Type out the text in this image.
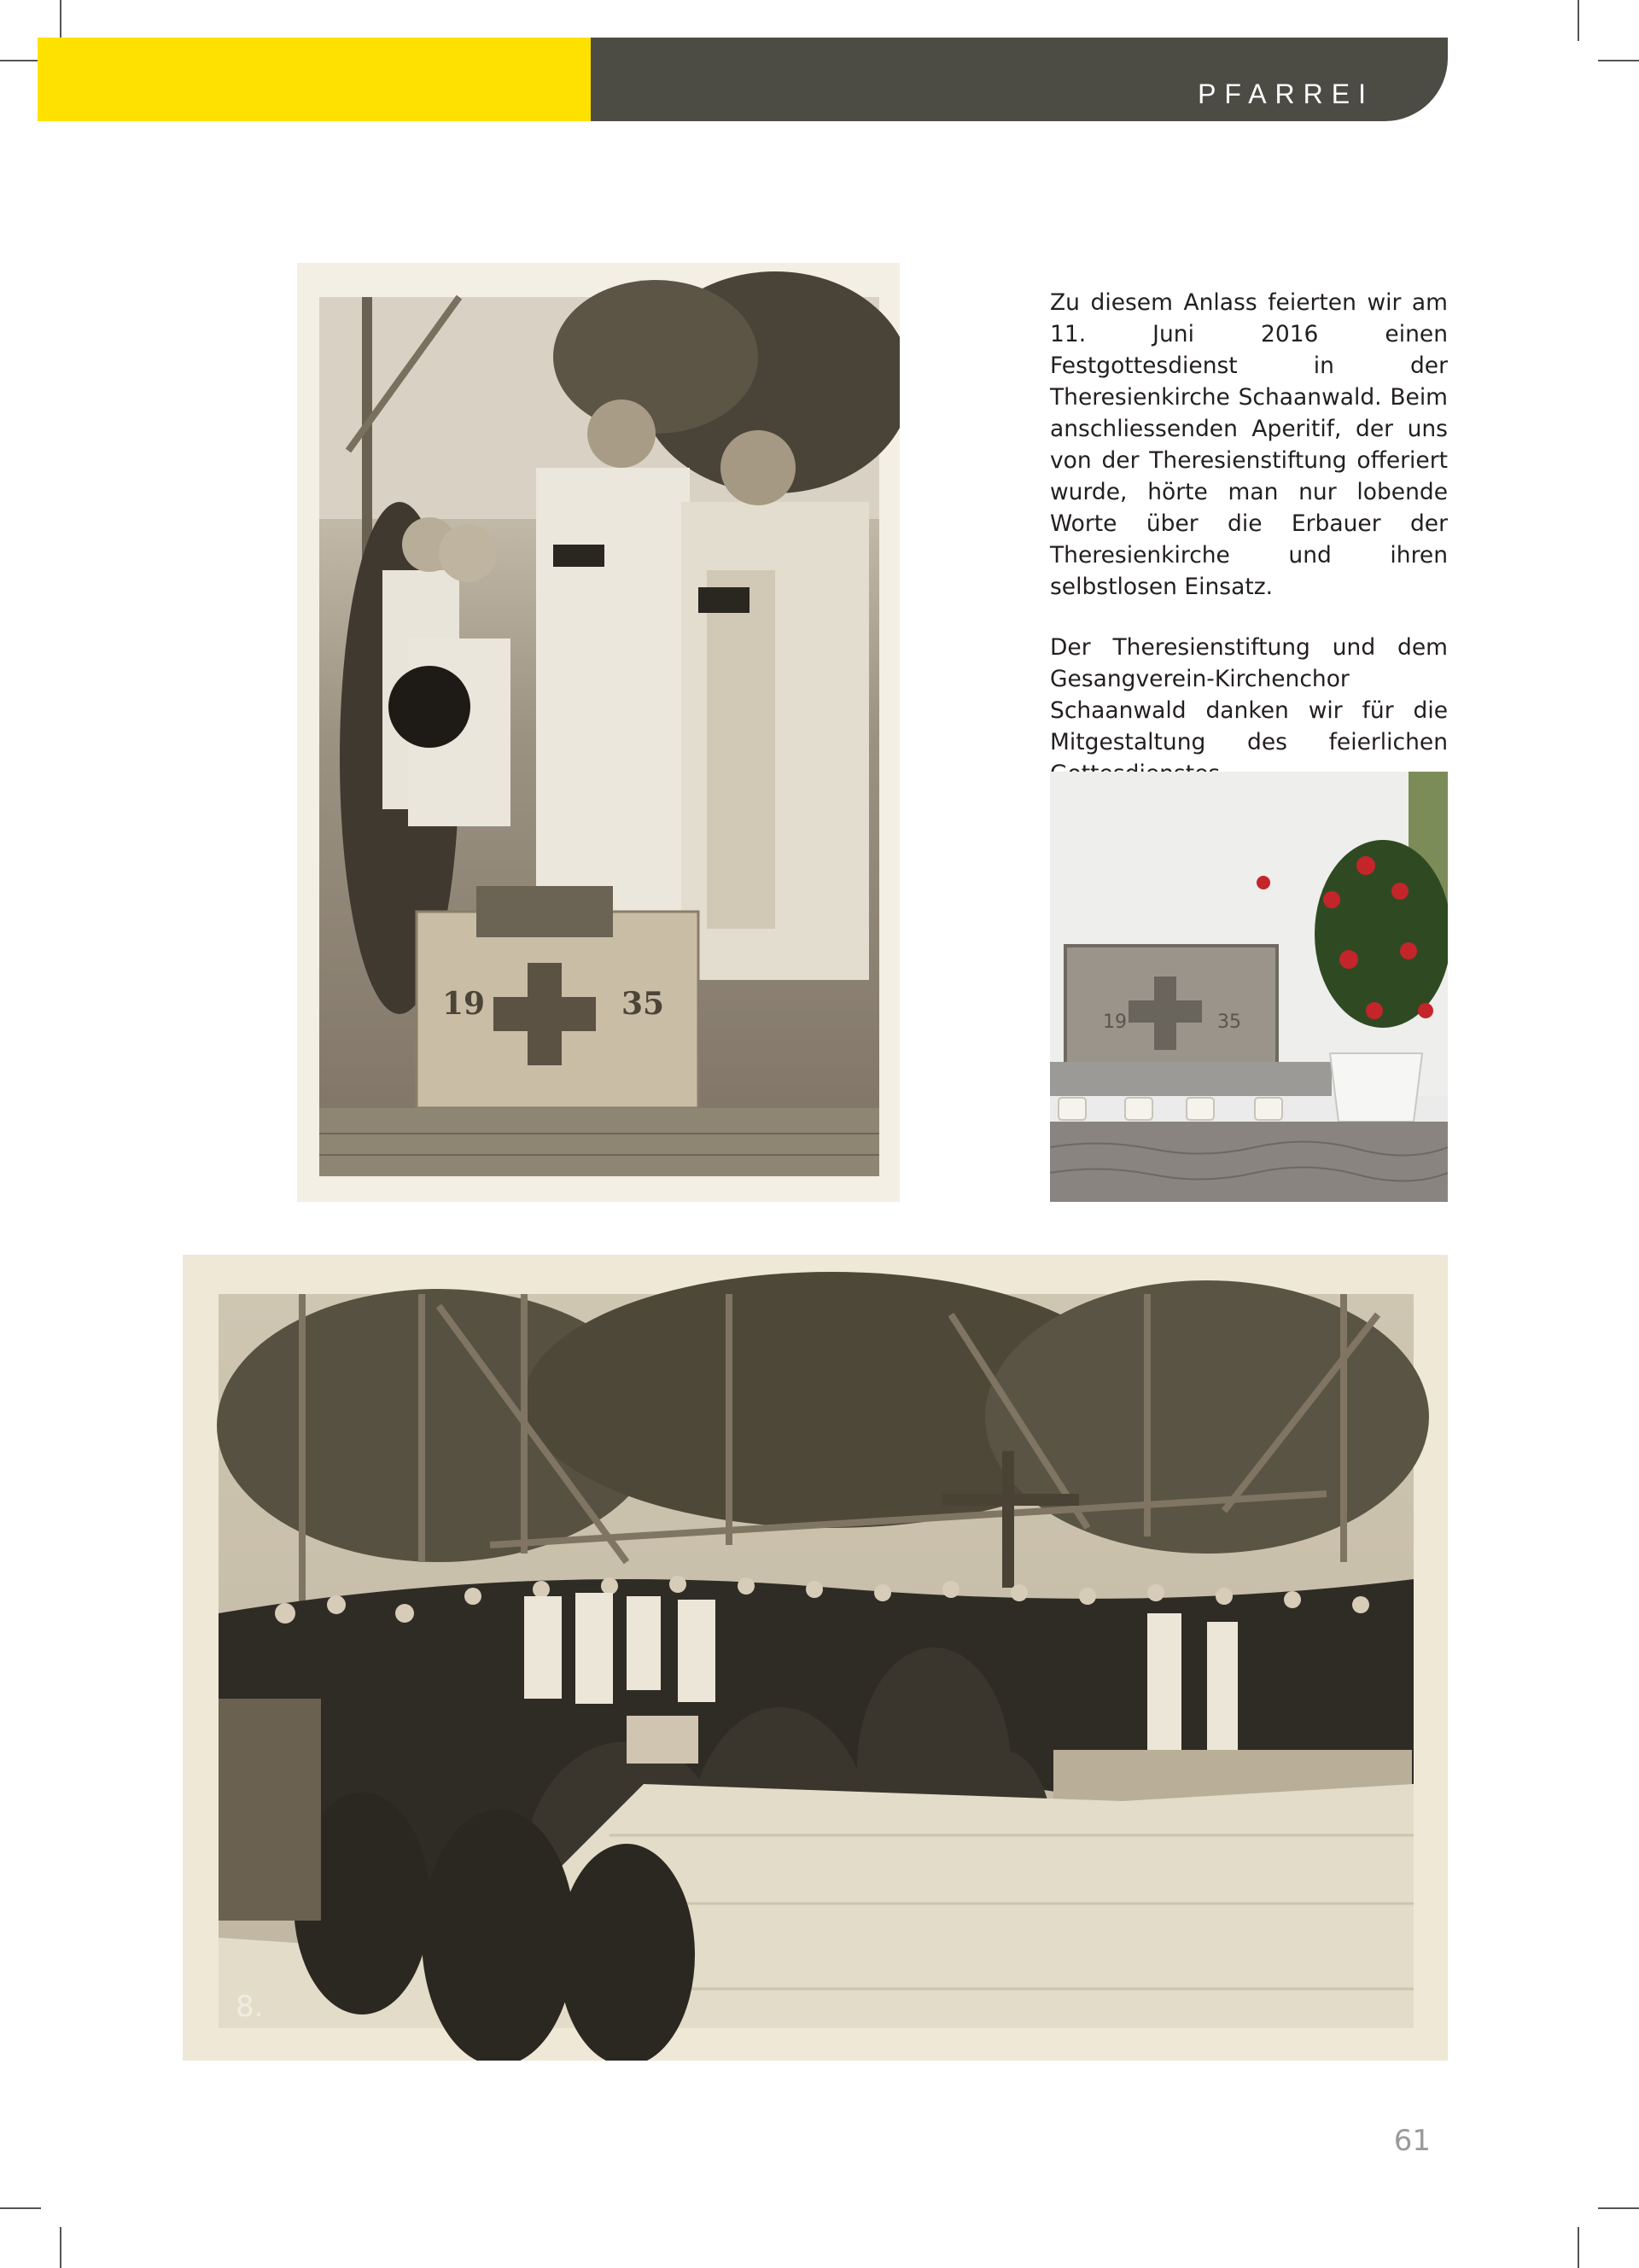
PFARREI
19	35

Zu diesem Anlass feierten wir am 11. Juni 2016 einen Festgottesdienst in der Theresienkirche Schaanwald. Beim anschliessenden Aperitif, der uns von der Theresienstiftung offeriert wurde, hörte man nur lobende Worte über die Erbauer der Theresienkirche und ihren selbstlosen Einsatz.

Der Theresienstiftung und dem Gesangverein-Kirchenchor Schaanwald danken wir für die Mitgestaltung des feierlichen

19	35
8.
61
